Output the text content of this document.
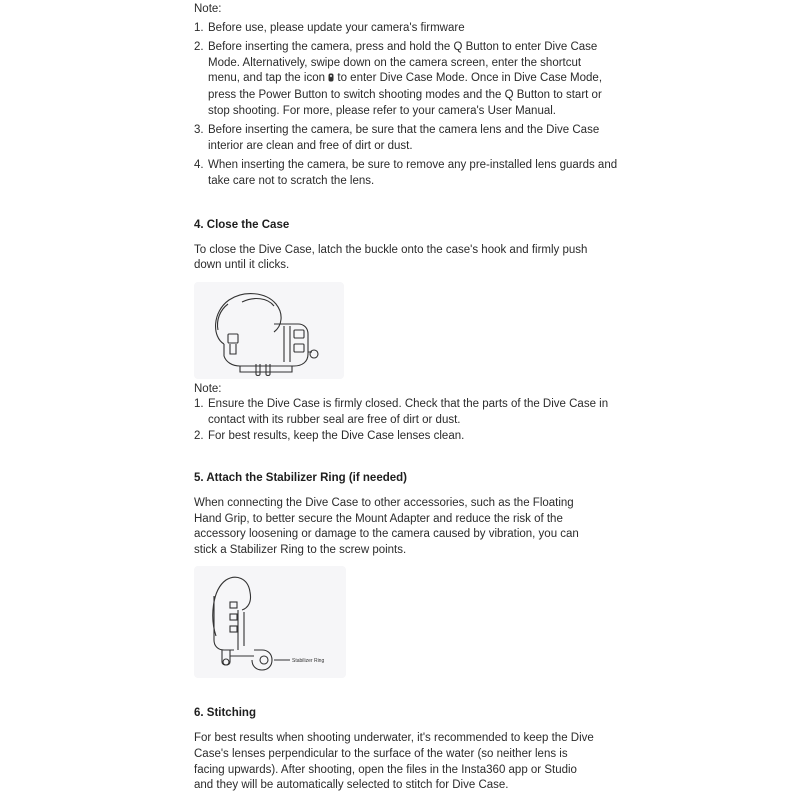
Note:

1. Before use, please update your camera's firmware
2. Before inserting the camera, press and hold the Q Button to enter Dive Case Mode. Alternatively, swipe down on the camera screen, enter the shortcut menu, and tap the icon  to enter Dive Case Mode. Once in Dive Case Mode, press the Power Button to switch shooting modes and the Q Button to start or stop shooting. For more, please refer to your camera's User Manual.
3. Before inserting the camera, be sure that the camera lens and the Dive Case interior are clean and free of dirt or dust.
4. When inserting the camera, be sure to remove any pre-installed lens guards and take care not to scratch the lens.
4. Close the Case

To close the Dive Case, latch the buckle onto the case's hook and firmly push down until it clicks.

Note:

1. Ensure the Dive Case is firmly closed. Check that the parts of the Dive Case in contact with its rubber seal are free of dirt or dust.
2. For best results, keep the Dive Case lenses clean.
5. Attach the Stabilizer Ring (if needed)

When connecting the Dive Case to other accessories, such as the Floating Hand Grip, to better secure the Mount Adapter and reduce the risk of the accessory loosening or damage to the camera caused by vibration, you can stick a Stabilizer Ring to the screw points.

Stabilizer Ring
6. Stitching

For best results when shooting underwater, it's recommended to keep the Dive Case's lenses perpendicular to the surface of the water (so neither lens is facing upwards). After shooting, open the files in the Insta360 app or Studio and they will be automatically selected to stitch for Dive Case.
